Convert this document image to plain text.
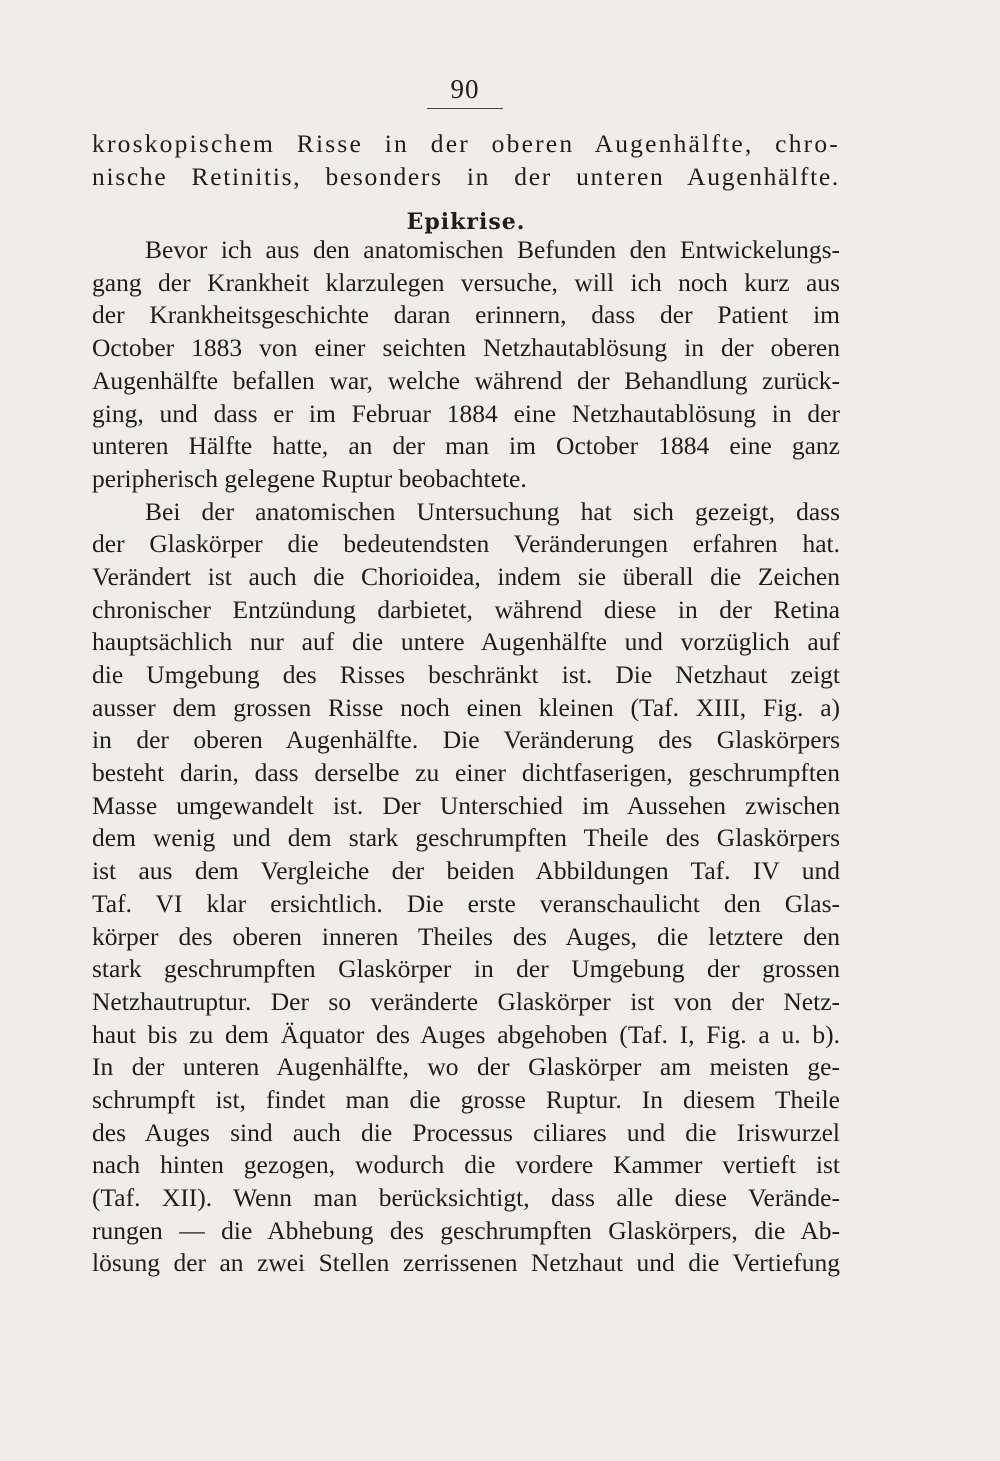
90
kroskopischem Risse in der oberen Augenhälfte, chro-
nische Retinitis, besonders in der unteren Augenhälfte.
Epikrise.
Bevor ich aus den anatomischen Befunden den Entwickelungs-
gang der Krankheit klarzulegen versuche, will ich noch kurz aus
der Krankheitsgeschichte daran erinnern, dass der Patient im
October 1883 von einer seichten Netzhautablösung in der oberen
Augenhälfte befallen war, welche während der Behandlung zurück-
ging, und dass er im Februar 1884 eine Netzhautablösung in der
unteren Hälfte hatte, an der man im October 1884 eine ganz
peripherisch gelegene Ruptur beobachtete.
Bei der anatomischen Untersuchung hat sich gezeigt, dass
der Glaskörper die bedeutendsten Veränderungen erfahren hat.
Verändert ist auch die Chorioidea, indem sie überall die Zeichen
chronischer Entzündung darbietet, während diese in der Retina
hauptsächlich nur auf die untere Augenhälfte und vorzüglich auf
die Umgebung des Risses beschränkt ist. Die Netzhaut zeigt
ausser dem grossen Risse noch einen kleinen (Taf. XIII, Fig. a)
in der oberen Augenhälfte. Die Veränderung des Glaskörpers
besteht darin, dass derselbe zu einer dichtfaserigen, geschrumpften
Masse umgewandelt ist. Der Unterschied im Aussehen zwischen
dem wenig und dem stark geschrumpften Theile des Glaskörpers
ist aus dem Vergleiche der beiden Abbildungen Taf. IV und
Taf. VI klar ersichtlich. Die erste veranschaulicht den Glas-
körper des oberen inneren Theiles des Auges, die letztere den
stark geschrumpften Glaskörper in der Umgebung der grossen
Netzhautruptur. Der so veränderte Glaskörper ist von der Netz-
haut bis zu dem Äquator des Auges abgehoben (Taf. I, Fig. a u. b).
In der unteren Augenhälfte, wo der Glaskörper am meisten ge-
schrumpft ist, findet man die grosse Ruptur. In diesem Theile
des Auges sind auch die Processus ciliares und die Iriswurzel
nach hinten gezogen, wodurch die vordere Kammer vertieft ist
(Taf. XII). Wenn man berücksichtigt, dass alle diese Verände-
rungen — die Abhebung des geschrumpften Glaskörpers, die Ab-
lösung der an zwei Stellen zerrissenen Netzhaut und die Vertiefung
